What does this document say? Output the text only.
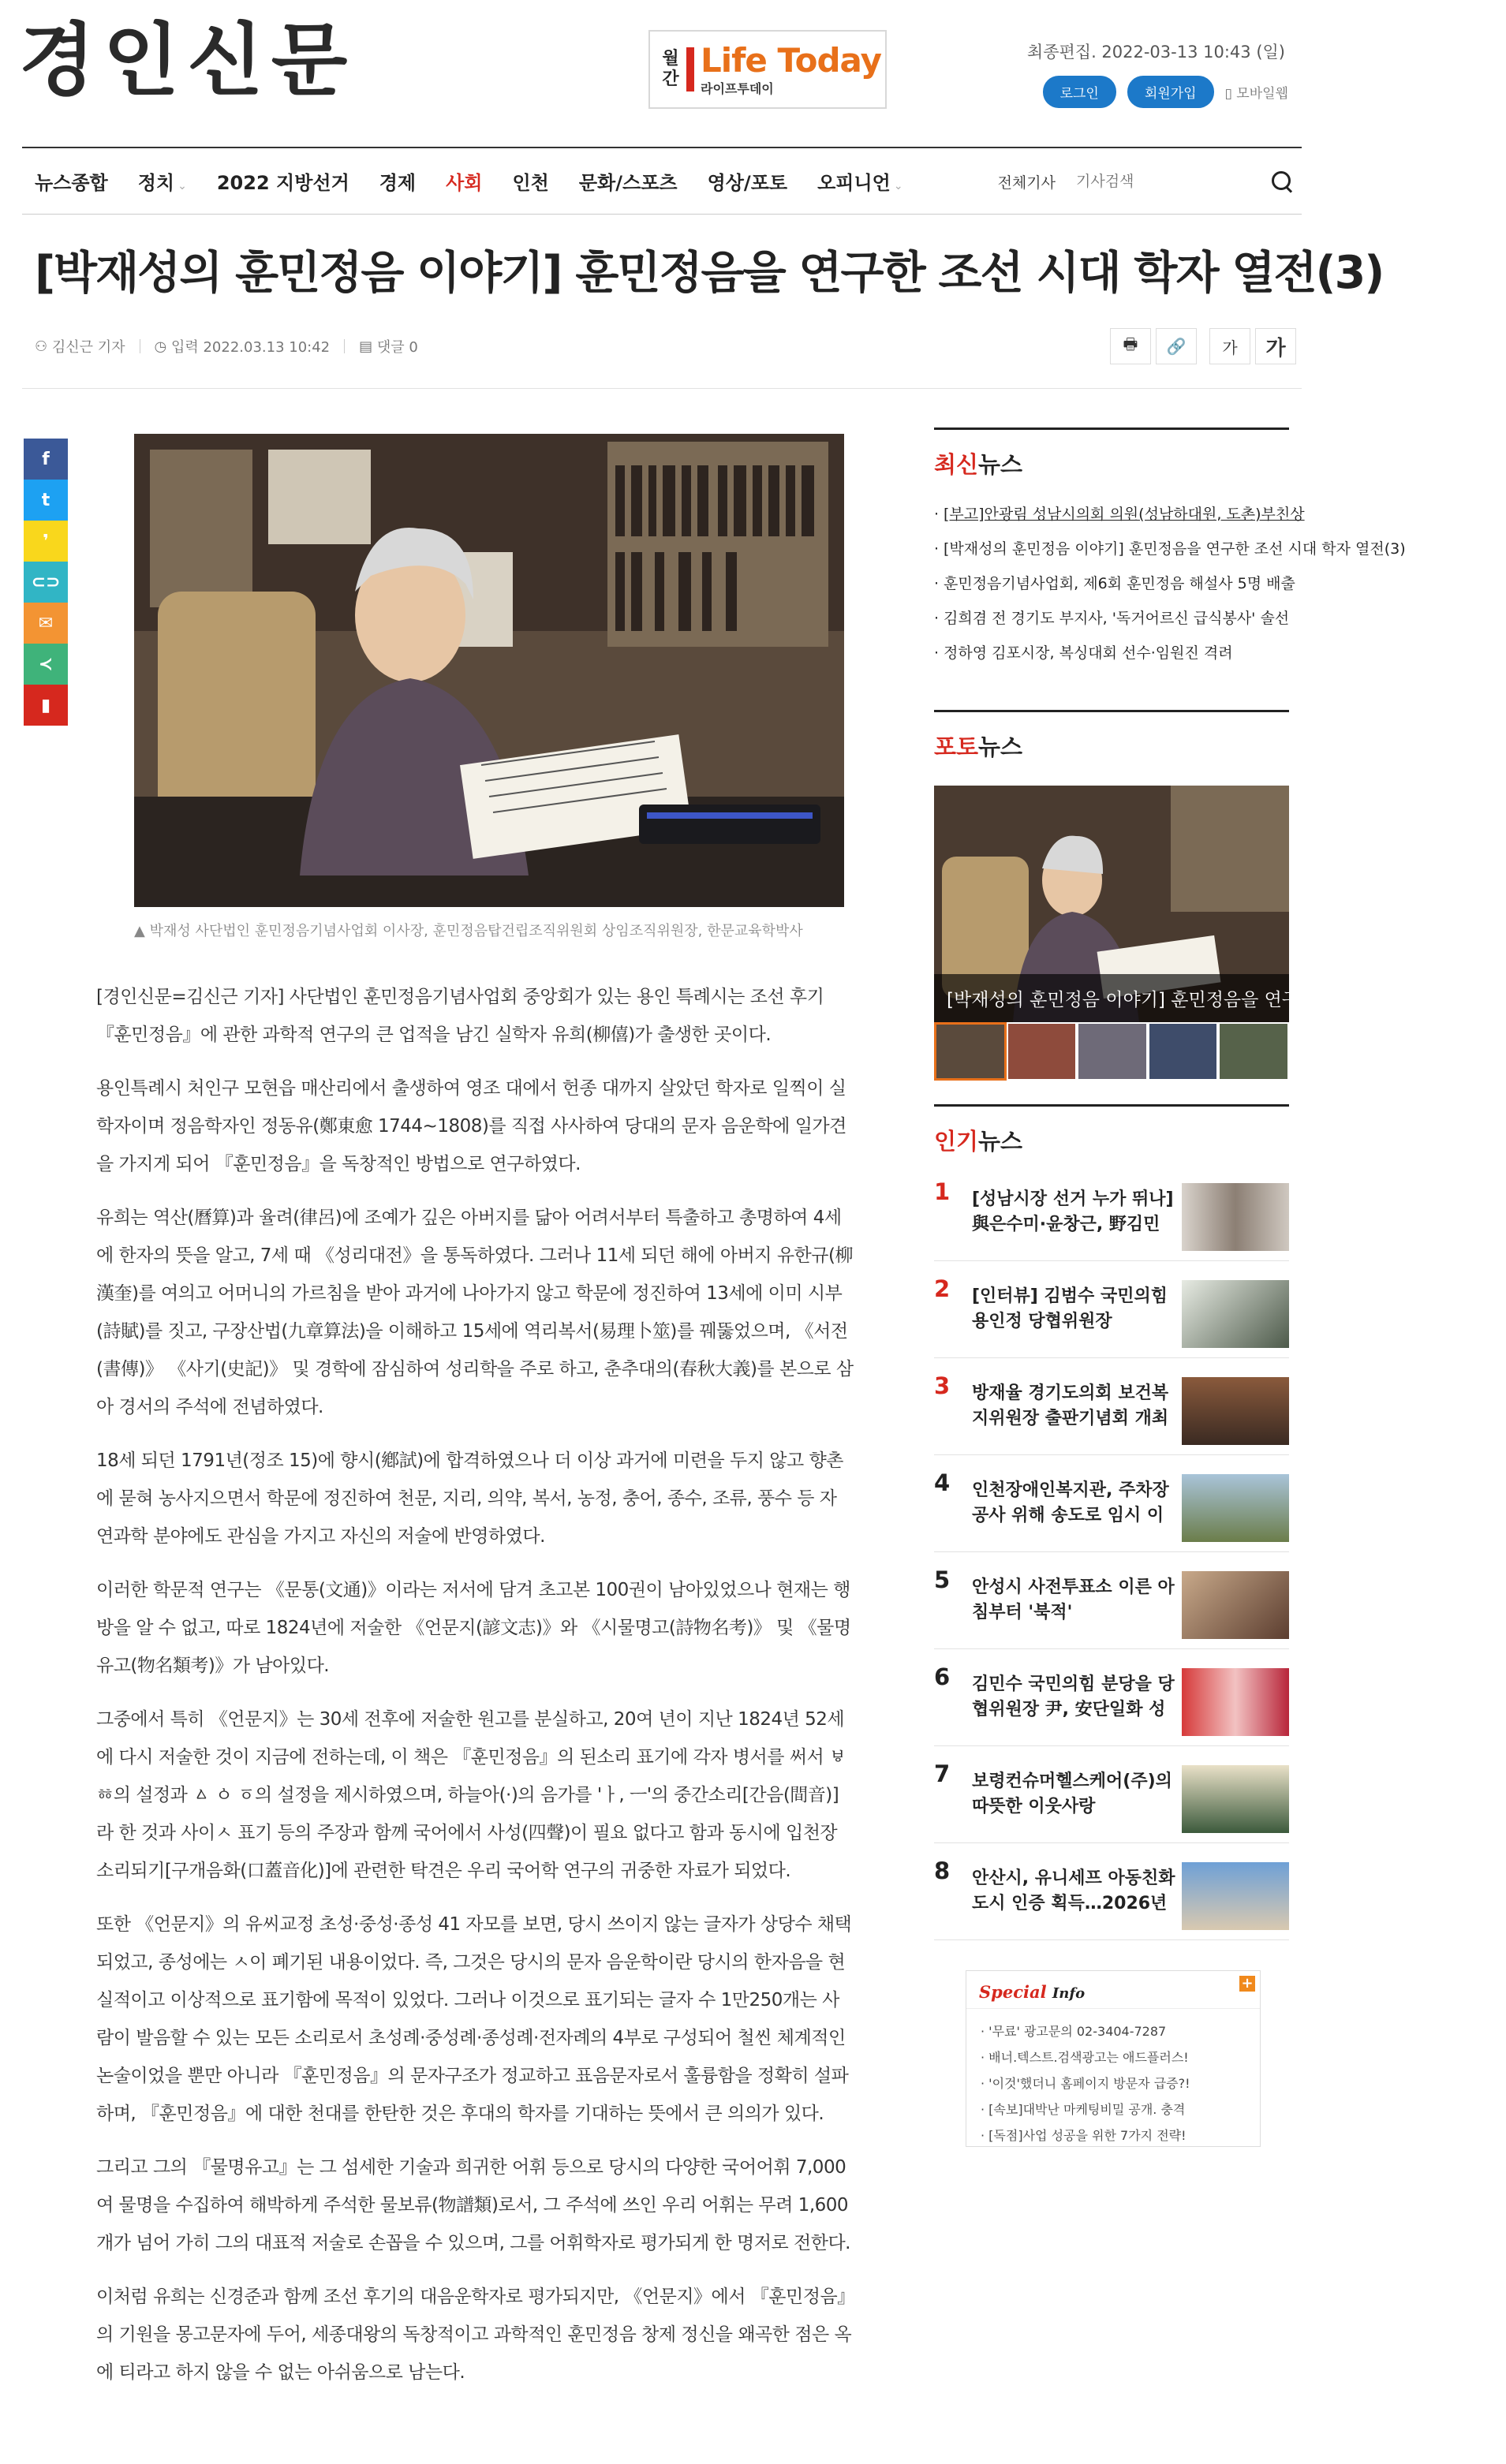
경인신문	월
간 Life Today
라이프투데이
최종편집. 2022-03-13 10:43 (일)
로그인	회원가입	▯ 모바일웹
뉴스종합 정치 ⌄ 2022 지방선거 경제 사회 인천 문화/스포츠 영상/포토 오피니언 ⌄	전체기사
기사검색
[박재성의 훈민정음 이야기] 훈민정음을 연구한 조선 시대 학자 열전(3)
⚇ 김신근 기자 ◷ 입력 2022.03.13 10:42 ▤ 댓글 0	🖶 🔗	가	가
f
t
❜
⊂⊃
✉
≺
▮
▲ 박재성 사단법인 훈민정음기념사업회 이사장, 훈민정음탑건립조직위원회 상임조직위원장, 한문교육학박사

[경인신문=김신근 기자] 사단법인 훈민정음기념사업회 중앙회가 있는 용인 특례시는 조선 후기 『훈민정음』에 관한 과학적 연구의 큰 업적을 남긴 실학자 유희(柳僖)가 출생한 곳이다.

용인특례시 처인구 모현읍 매산리에서 출생하여 영조 대에서 헌종 대까지 살았던 학자로 일찍이 실학자이며 정음학자인 정동유(鄭東愈 1744~1808)를 직접 사사하여 당대의 문자 음운학에 일가견을 가지게 되어 『훈민정음』을 독창적인 방법으로 연구하였다.

유희는 역산(曆算)과 율려(律呂)에 조예가 깊은 아버지를 닮아 어려서부터 특출하고 총명하여 4세에 한자의 뜻을 알고, 7세 때 《성리대전》을 통독하였다. 그러나 11세 되던 해에 아버지 유한규(柳漢奎)를 여의고 어머니의 가르침을 받아 과거에 나아가지 않고 학문에 정진하여 13세에 이미 시부(詩賦)를 짓고, 구장산법(九章算法)을 이해하고 15세에 역리복서(易理卜筮)를 꿰뚫었으며, 《서전(書傳)》 《사기(史記)》 및 경학에 잠심하여 성리학을 주로 하고, 춘추대의(春秋大義)를 본으로 삼아 경서의 주석에 전념하였다.

18세 되던 1791년(정조 15)에 향시(鄕試)에 합격하였으나 더 이상 과거에 미련을 두지 않고 향촌에 묻혀 농사지으면서 학문에 정진하여 천문, 지리, 의약, 복서, 농정, 충어, 종수, 조류, 풍수 등 자연과학 분야에도 관심을 가지고 자신의 저술에 반영하였다.

이러한 학문적 연구는 《문통(文通)》이라는 저서에 담겨 초고본 100권이 남아있었으나 현재는 행방을 알 수 없고, 따로 1824년에 저술한 《언문지(諺文志)》와 《시물명고(詩物名考)》 및 《물명유고(物名類考)》가 남아있다.

그중에서 특히 《언문지》는 30세 전후에 저술한 원고를 분실하고, 20여 년이 지난 1824년 52세에 다시 저술한 것이 지금에 전하는데, 이 책은 『훈민정음』의 된소리 표기에 각자 병서를 써서 ㅸ ㆅ의 설정과 ㅿ ㆁ ㆆ의 설정을 제시하였으며, 하늘아(·)의 음가를 'ㅏ, ㅡ'의 중간소리[간음(間音)]라 한 것과 사이ㅅ 표기 등의 주장과 함께 국어에서 사성(四聲)이 필요 없다고 함과 동시에 입천장소리되기[구개음화(口蓋音化)]에 관련한 탁견은 우리 국어학 연구의 귀중한 자료가 되었다.

또한 《언문지》의 유씨교정 초성·중성·종성 41 자모를 보면, 당시 쓰이지 않는 글자가 상당수 채택되었고, 종성에는 ㅅ이 폐기된 내용이었다. 즉, 그것은 당시의 문자 음운학이란 당시의 한자음을 현실적이고 이상적으로 표기함에 목적이 있었다. 그러나 이것으로 표기되는 글자 수 1만250개는 사람이 발음할 수 있는 모든 소리로서 초성례·중성례·종성례·전자례의 4부로 구성되어 철씬 체계적인 논술이었을 뿐만 아니라 『훈민정음』의 문자구조가 정교하고 표음문자로서 훌륭함을 정확히 설파하며, 『훈민정음』에 대한 천대를 한탄한 것은 후대의 학자를 기대하는 뜻에서 큰 의의가 있다.

그리고 그의 『물명유고』는 그 섬세한 기술과 희귀한 어휘 등으로 당시의 다양한 국어어휘 7,000여 물명을 수집하여 해박하게 주석한 물보류(物譜類)로서, 그 주석에 쓰인 우리 어휘는 무려 1,600개가 넘어 가히 그의 대표적 저술로 손꼽을 수 있으며, 그를 어휘학자로 평가되게 한 명저로 전한다.

이처럼 유희는 신경준과 함께 조선 후기의 대음운학자로 평가되지만, 《언문지》에서 『훈민정음』의 기원을 몽고문자에 두어, 세종대왕의 독창적이고 과학적인 훈민정음 창제 정신을 왜곡한 점은 옥에 티라고 하지 않을 수 없는 아쉬움으로 남는다.

최신뉴스
· [부고]안광림 성남시의회 의원(성남하대원, 도촌)부친상
· [박재성의 훈민정음 이야기] 훈민정음을 연구한 조선 시대 학자 열전(3)
· 훈민정음기념사업회, 제6회 훈민정음 해설사 5명 배출
· 김희겸 전 경기도 부지사, '독거어르신 급식봉사' 솔선
· 정하영 김포시장, 복싱대회 선수·임원진 격려
포토뉴스
[박재성의 훈민정음 이야기] 훈민정음을 연구한 조선 시대 학자 열전(3)
인기뉴스
1	[성남시장 선거 누가 뛰나] 與은수미·윤창근, 野김민
2	[인터뷰] 김범수 국민의힘 용인정 당협위원장
3	방재율 경기도의회 보건복지위원장 출판기념회 개최
4	인천장애인복지관, 주차장 공사 위해 송도로 임시 이
5	안성시 사전투표소 이른 아침부터 '북적'
6	김민수 국민의힘 분당을 당협위원장 尹, 安단일화 성
7	보령컨슈머헬스케어(주)의 따뜻한 이웃사랑
8	안산시, 유니세프 아동친화도시 인증 획득…2026년
Special Info
+
· '무료' 광고문의 02-3404-7287
· 배너.텍스트.검색광고는 애드플러스!
· '이것'했더니 홈페이지 방문자 급증?!
· [속보]대박난 마케팅비밀 공개. 충격
· [독점]사업 성공을 위한 7가지 전략!
